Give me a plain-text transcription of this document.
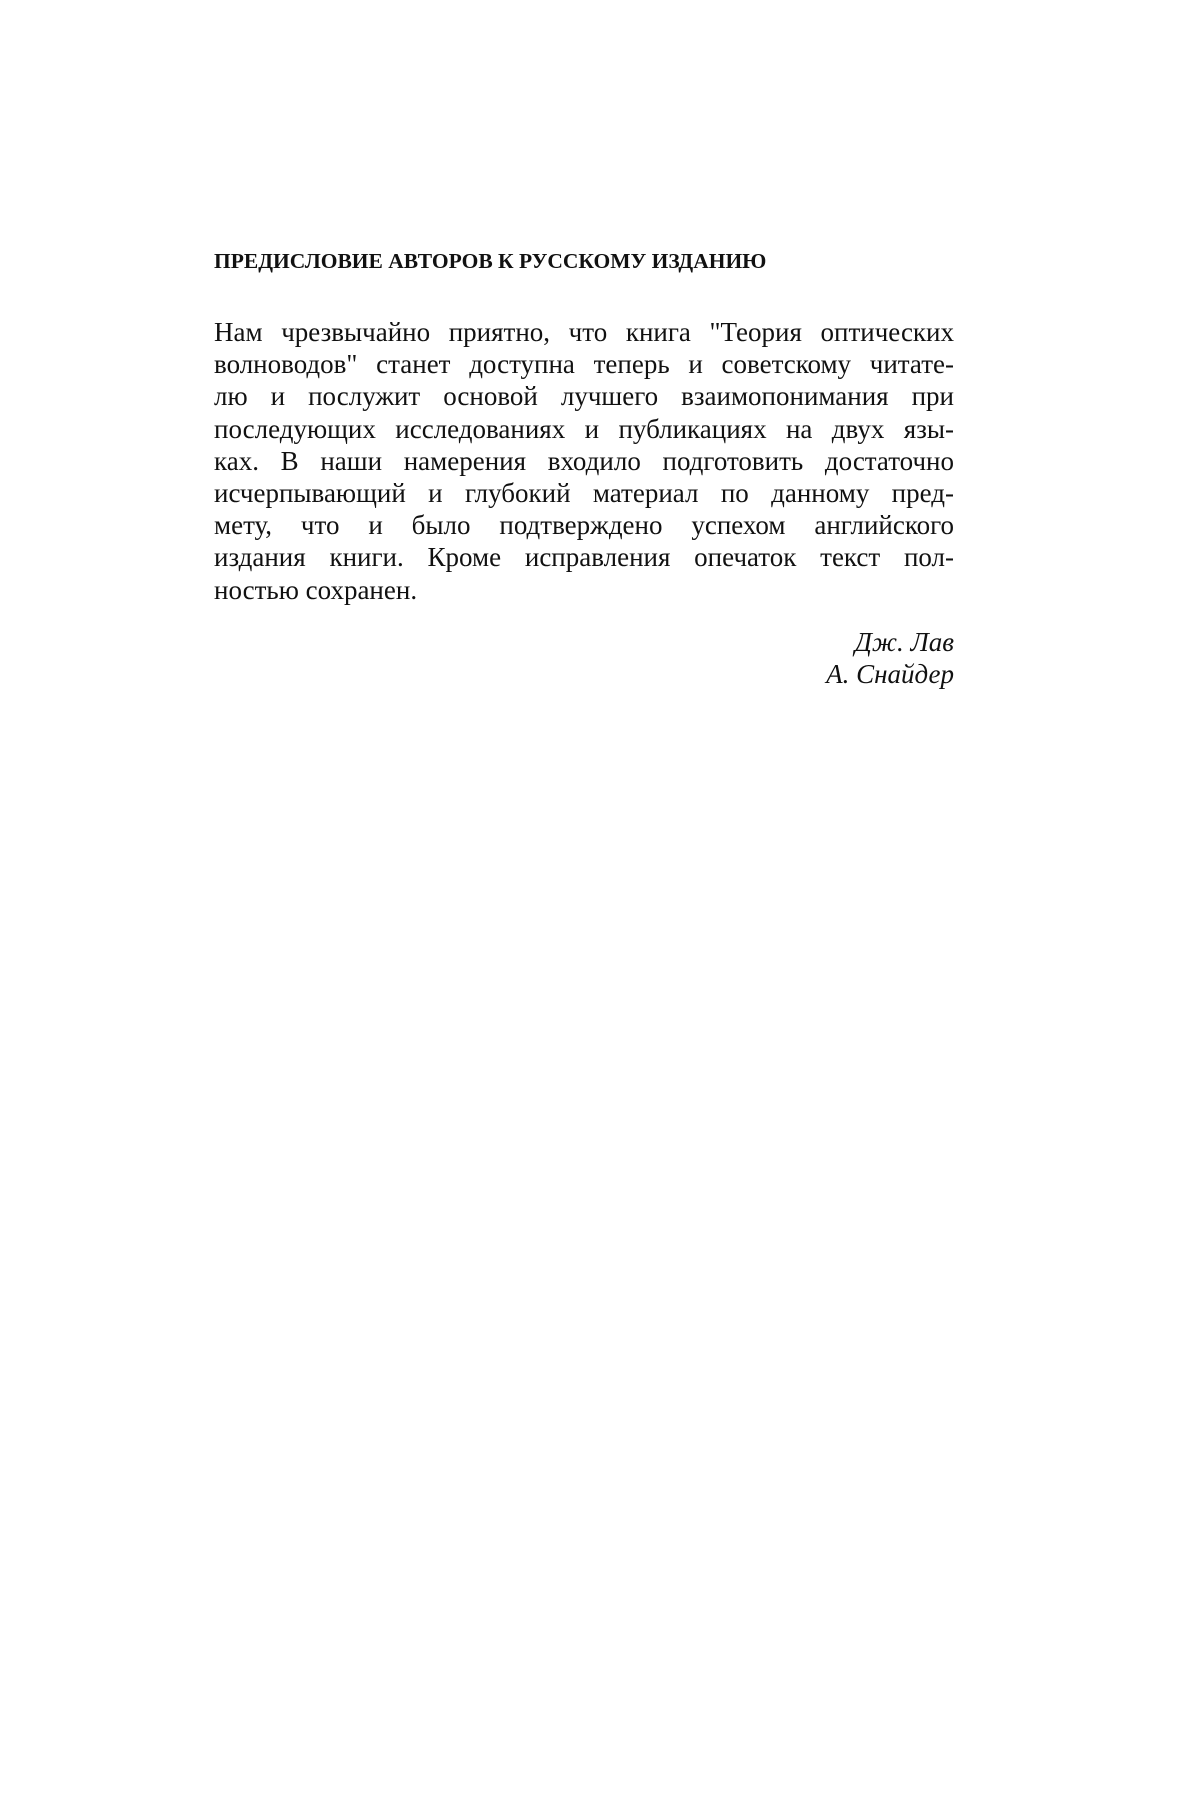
ПРЕДИСЛОВИЕ АВТОРОВ К РУССКОМУ ИЗДАНИЮ
Нам чрезвычайно приятно, что книга "Теория оптических
волноводов" станет доступна теперь и советскому читате-
лю и послужит основой лучшего взаимопонимания при
последующих исследованиях и публикациях на двух язы-
ках. В наши намерения входило подготовить достаточно
исчерпывающий и глубокий материал по данному пред-
мету, что и было подтверждено успехом английского
издания книги. Кроме исправления опечаток текст пол-
ностью сохранен.
Дж. Лав
А. Снайдер
